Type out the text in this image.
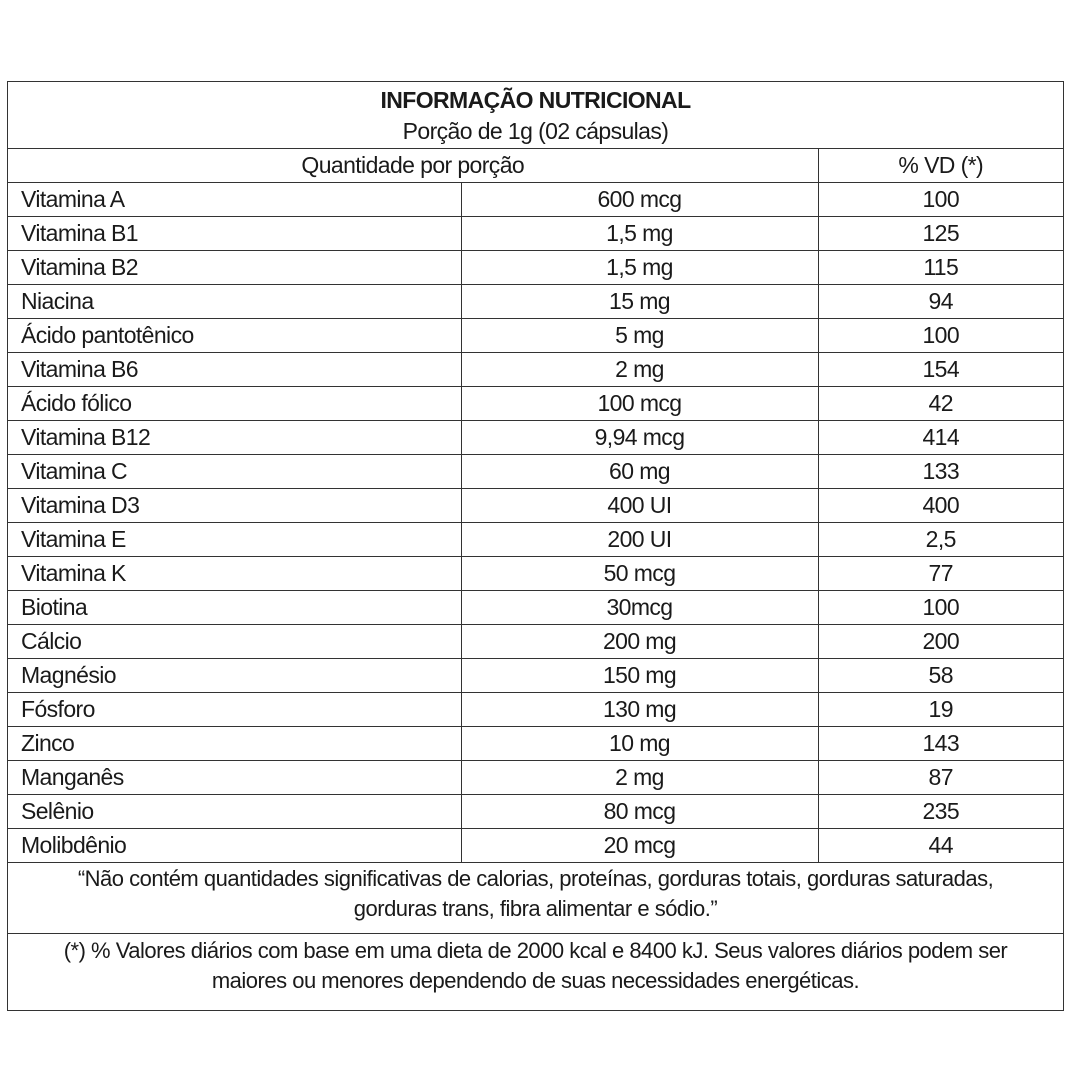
INFORMAÇÃO NUTRICIONAL
Porção de 1g (02 cápsulas)
Quantidade por porção		% VD (*)
Vitamina A	600 mcg	100
Vitamina B1	1,5 mg	125
Vitamina B2	1,5 mg	115
Niacina	15 mg	94
Ácido pantotênico	5 mg	100
Vitamina B6	2 mg	154
Ácido fólico	100 mcg	42
Vitamina B12	9,94 mcg	414
Vitamina C	60 mg	133
Vitamina D3	400 UI	400
Vitamina E	200 UI	2,5
Vitamina K	50 mcg	77
Biotina	30mcg	100
Cálcio	200 mg	200
Magnésio	150 mg	58
Fósforo	130 mg	19
Zinco	10 mg	143
Manganês	2 mg	87
Selênio	80 mcg	235
Molibdênio	20 mcg	44
“Não contém quantidades significativas de calorias, proteínas, gorduras totais, gorduras saturadas,
gorduras trans, fibra alimentar e sódio.”
(*) % Valores diários com base em uma dieta de 2000 kcal e 8400 kJ. Seus valores diários podem ser
maiores ou menores dependendo de suas necessidades energéticas.
